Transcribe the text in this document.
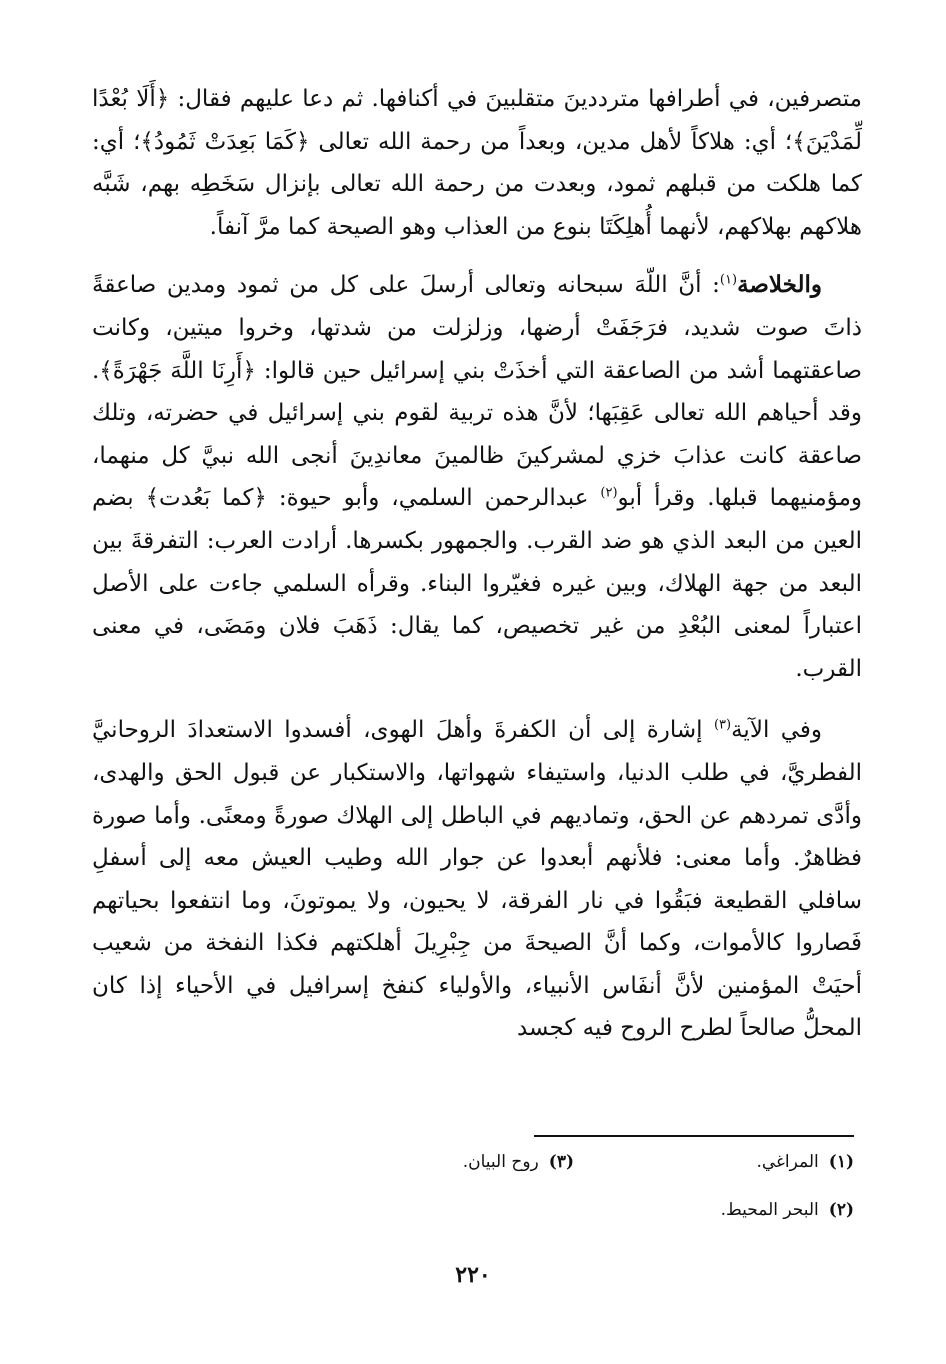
متصرفين، في أطرافها مترددينَ متقلبينَ في أكنافها. ثم دعا عليهم فقال: ﴿أَلَا بُعْدًا لِّمَدْيَنَ﴾؛ أي: هلاكاً لأهل مدين، وبعداً من رحمة الله تعالى ﴿كَمَا بَعِدَتْ ثَمُودُ﴾؛ أي: كما هلكت من قبلهم ثمود، وبعدت من رحمة الله تعالى بإنزال سَخَطِه بهم، شَبَّه هلاكهم بهلاكهم، لأنهما أُهلِكَتَا بنوع من العذاب وهو الصيحة كما مرَّ آنفاً.

والخلاصة$^{(١)}$: أنَّ اللّهَ سبحانه وتعالى أرسلَ على كل من ثمود ومدين صاعقةً ذاتَ صوت شديد، فرَجَفَتْ أرضها، وزلزلت من شدتها، وخروا ميتين، وكانت صاعقتهما أشد من الصاعقة التي أخذَتْ بني إسرائيل حين قالوا: ﴿أَرِنَا اللَّهَ جَهْرَةً﴾. وقد أحياهم الله تعالى عَقِبَها؛ لأنَّ هذه تربية لقوم بني إسرائيل في حضرته، وتلك صاعقة كانت عذابَ خزي لمشركينَ ظالمينَ معاندِينَ أنجى الله نبيَّ كل منهما، ومؤمنيهما قبلها. وقرأ أبو$^{(٢)}$ عبدالرحمن السلمي، وأبو حيوة: ﴿كما بَعُدت﴾ بضم العين من البعد الذي هو ضد القرب. والجمهور بكسرها. أرادت العرب: التفرقةَ بين البعد من جهة الهلاك، وبين غيره فغيّروا البناء. وقرأه السلمي جاءت على الأصل اعتباراً لمعنى البُعْدِ من غير تخصيص، كما يقال: ذَهَبَ فلان ومَضَى، في معنى القرب.

وفي الآية$^{(٣)}$ إشارة إلى أن الكفرةَ وأهلَ الهوى، أفسدوا الاستعدادَ الروحانيَّ الفطريَّ، في طلب الدنيا، واستيفاء شهواتها، والاستكبار عن قبول الحق والهدى، وأدَّى تمردهم عن الحق، وتماديهم في الباطل إلى الهلاك صورةً ومعنًى. وأما صورة فظاهرٌ. وأما معنى: فلأنهم أبعدوا عن جوار الله وطيب العيش معه إلى أسفلِ سافلي القطيعة فبَقُوا في نار الفرقة، لا يحيون، ولا يموتونَ، وما انتفعوا بحياتهم فَصاروا كالأموات، وكما أنَّ الصيحةَ من جِبْرِيلَ أهلكتهم فكذا النفخة من شعيب أحيَتْ المؤمنين لأنَّ أنفَاس الأنبياء، والأولياء كنفخ إسرافيل في الأحياء إذا كان المحلُّ صالحاً لطرح الروح فيه كجسد

(١)المراغي.
(٣)روح البيان.
(٢)البحر المحيط.
٢٢٠
